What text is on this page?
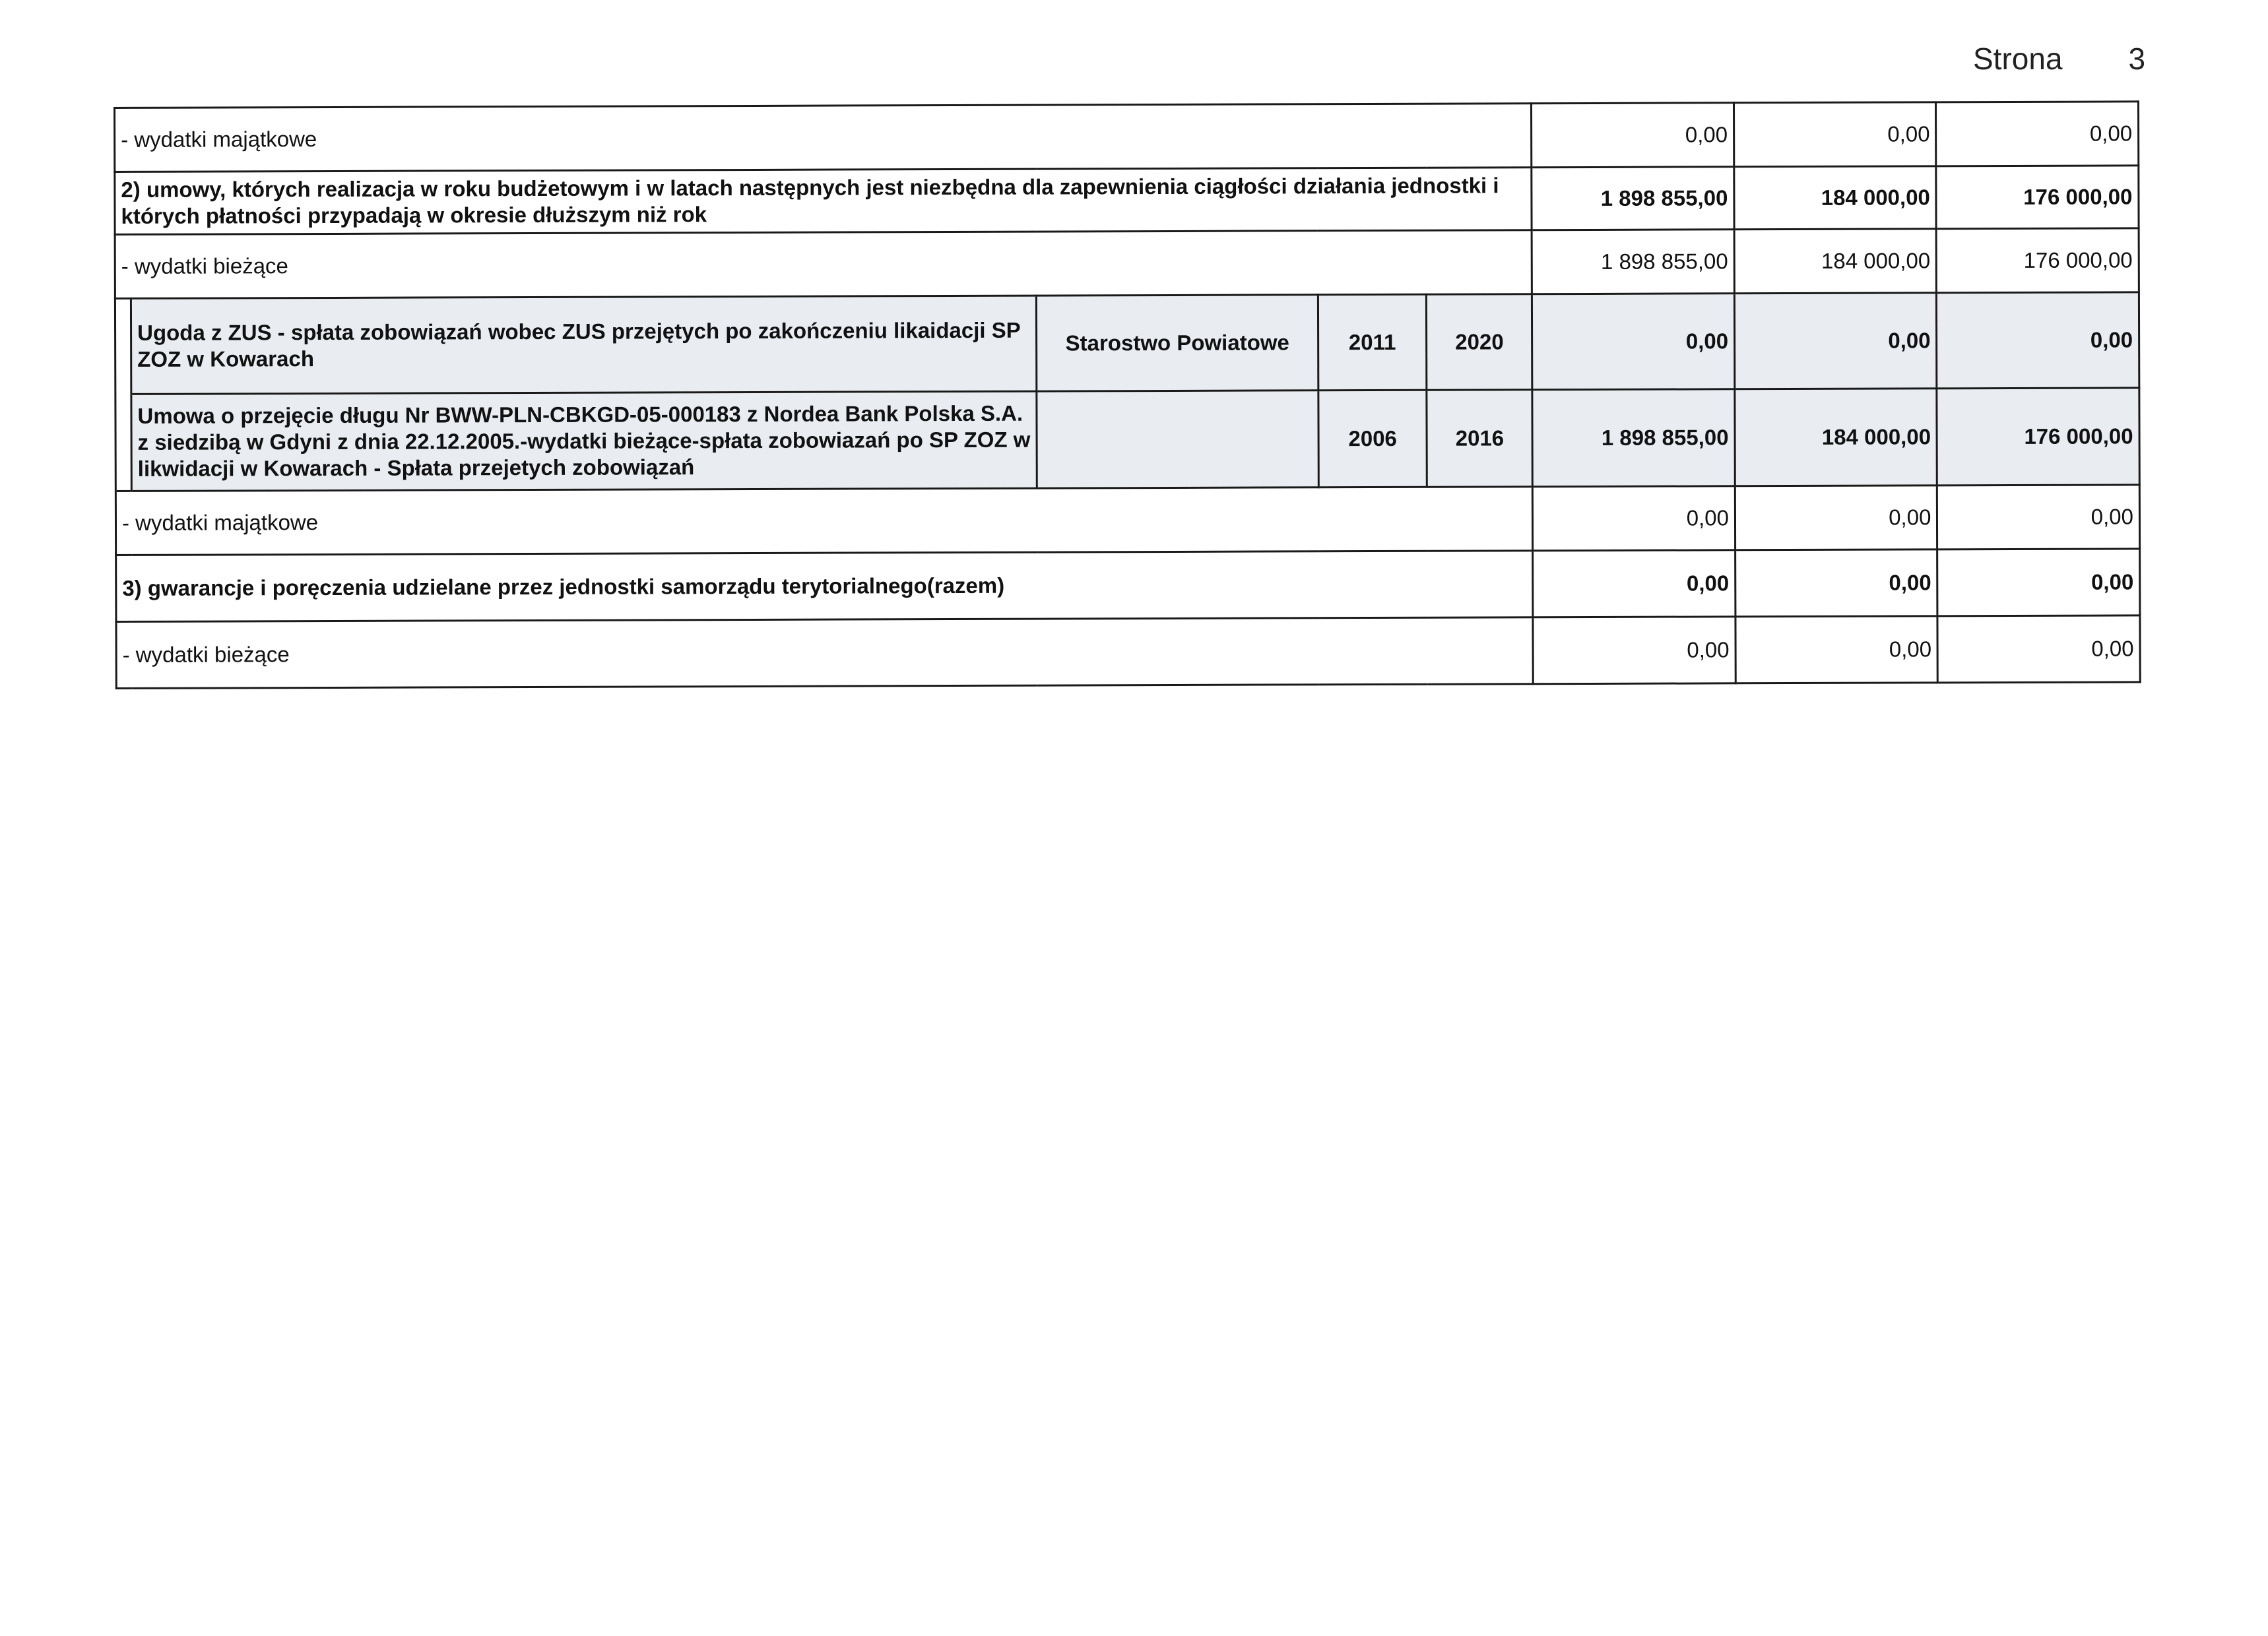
Strona 3
- wydatki majątkowe					0,00	0,00	0,00
2) umowy, których realizacja w roku budżetowym i w latach następnych jest niezbędna dla zapewnienia ciągłości działania jednostki i których płatności przypadają w okresie dłuższym niż rok					1 898 855,00	184 000,00	176 000,00
- wydatki bieżące					1 898 855,00	184 000,00	176 000,00
	Ugoda z ZUS - spłata zobowiązań wobec ZUS przejętych po zakończeniu likaidacji SP ZOZ w Kowarach	Starostwo Powiatowe	2011	2020	0,00	0,00	0,00
	Umowa o przejęcie długu Nr BWW-PLN-CBKGD-05-000183 z Nordea Bank Polska S.A. z siedzibą w Gdyni z dnia 22.12.2005.-wydatki bieżące-spłata zobowiazań po SP ZOZ w likwidacji w Kowarach - Spłata przejetych zobowiązań		2006	2016	1 898 855,00	184 000,00	176 000,00
- wydatki majątkowe					0,00	0,00	0,00
3) gwarancje i poręczenia udzielane przez jednostki samorządu terytorialnego(razem)					0,00	0,00	0,00
- wydatki bieżące					0,00	0,00	0,00
